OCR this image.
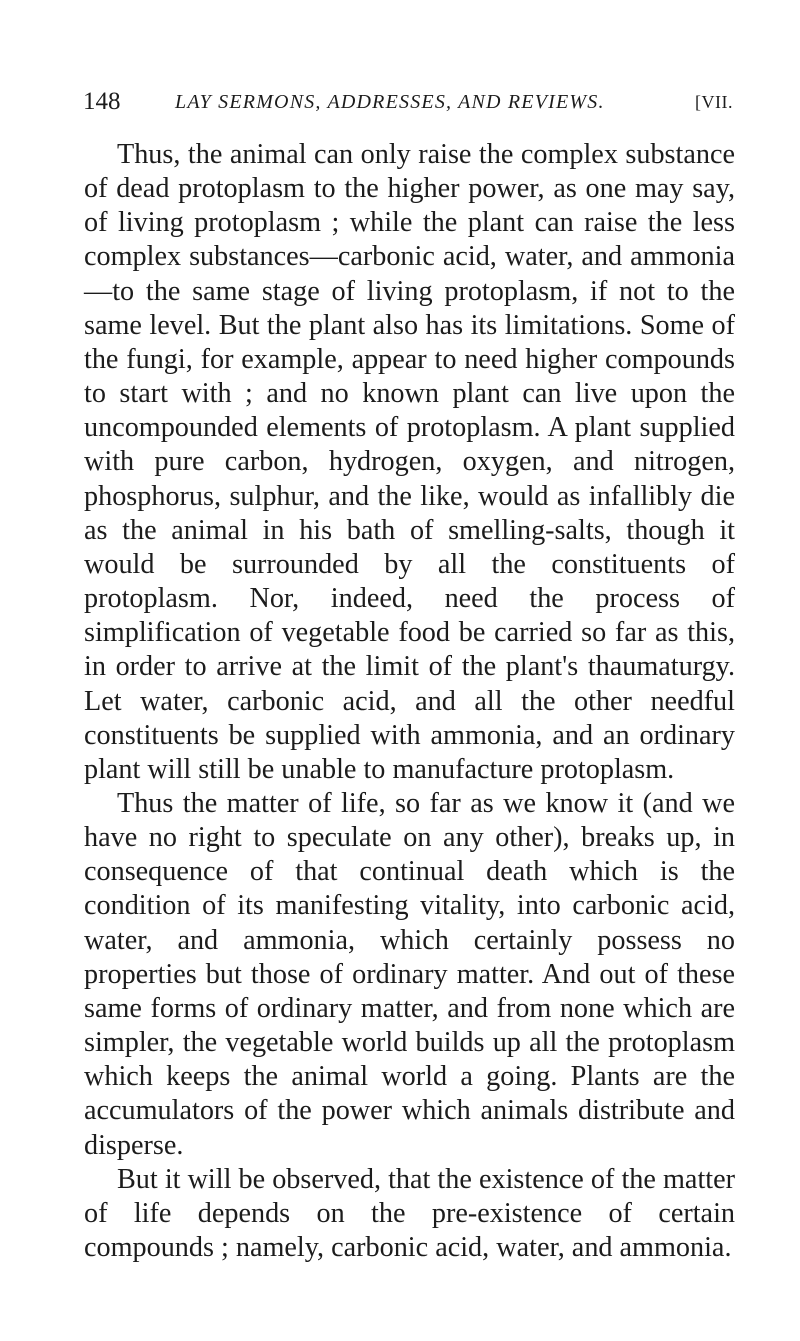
148	LAY SERMONS, ADDRESSES, AND REVIEWS.	[VII.

Thus, the animal can only raise the complex substance of dead protoplasm to the higher power, as one may say, of living protoplasm ; while the plant can raise the less complex substances—carbonic acid, water, and ammonia—to the same stage of living protoplasm, if not to the same level. But the plant also has its limitations. Some of the fungi, for example, appear to need higher compounds to start with ; and no known plant can live upon the uncompounded elements of protoplasm. A plant supplied with pure carbon, hydrogen, oxygen, and nitrogen, phosphorus, sulphur, and the like, would as infallibly die as the animal in his bath of smelling-salts, though it would be surrounded by all the constituents of protoplasm. Nor, indeed, need the process of simplification of vegetable food be carried so far as this, in order to arrive at the limit of the plant's thaumaturgy. Let water, carbonic acid, and all the other needful constituents be supplied with ammonia, and an ordinary plant will still be unable to manufacture protoplasm.

Thus the matter of life, so far as we know it (and we have no right to speculate on any other), breaks up, in consequence of that continual death which is the condition of its manifesting vitality, into carbonic acid, water, and ammonia, which certainly possess no properties but those of ordinary matter. And out of these same forms of ordinary matter, and from none which are simpler, the vegetable world builds up all the protoplasm which keeps the animal world a going. Plants are the accumulators of the power which animals distribute and disperse.

But it will be observed, that the existence of the matter of life depends on the pre-existence of certain compounds ; namely, carbonic acid, water, and ammonia.
